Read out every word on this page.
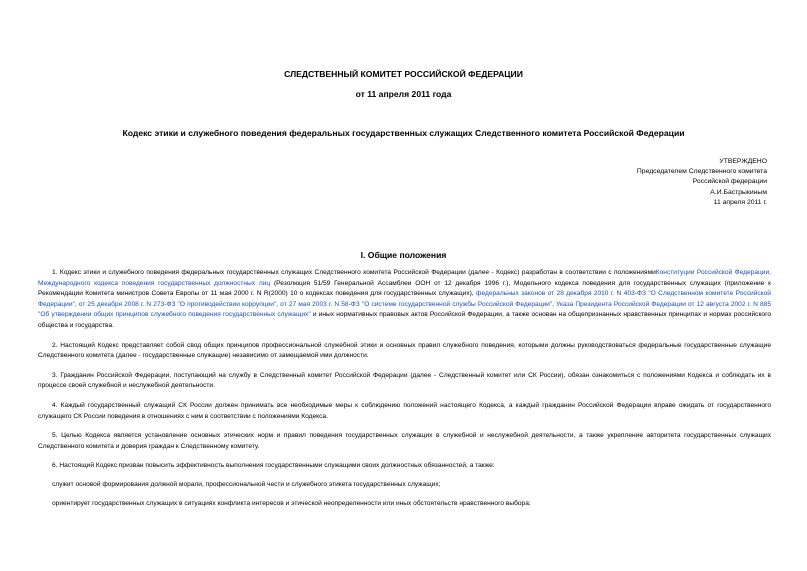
СЛЕДСТВЕННЫЙ КОМИТЕТ РОССИЙСКОЙ ФЕДЕРАЦИИ
от 11 апреля 2011 года
Кодекс этики и служебного поведения федеральных государственных служащих Следственного комитета Российской Федерации
УТВЕРЖДЕНО
Председателем Следственного комитета
Российской федерации
А.И.Бастрыкиным
11 апреля 2011 г.
I. Общие положения

1. Кодекс этики и служебного поведения федеральных государственных служащих Следственного комитета Российской Федерации (далее - Кодекс) разработан в соответствии с положениямиКонституции Российской Федерации, Международного кодекса поведения государственных должностных лиц (Резолюция 51/59 Генеральной Ассамблеи ООН от 12 декабря 1996 г.), Модельного кодекса поведения для государственных служащих (приложение к Рекомендации Комитета министров Совета Европы от 11 мая 2000 г. N R(2000) 10 о кодексах поведения для государственных служащих), федеральных законов от 28 декабря 2010 г. N 403-ФЗ "О Следственном комитете Российской Федерации", от 25 декабря 2008 г. N 273-ФЗ "О противодействии коррупции", от 27 мая 2003 г. N 58-ФЗ "О системе государственной службы Российской Федерации", Указа Президента Российской Федерации от 12 августа 2002 г. N 885 "Об утверждении общих принципов служебного поведения государственных служащих" и иных нормативных правовых актов Российской Федерации, а также основан на общепризнанных нравственных принципах и нормах российского общества и государства.

2. Настоящий Кодекс представляет собой свод общих принципов профессиональной служебной этики и основных правил служебного поведения, которыми должны руководствоваться федеральные государственные служащие Следственного комитета (далее - государственные служащие) независимо от замещаемой ими должности.

3. Гражданин Российской Федерации, поступающий на службу в Следственный комитет Российской Федерации (далее - Следственный комитет или СК России), обязан ознакомиться с положениями Кодекса и соблюдать их в процессе своей служебной и неслужебной деятельности.

4. Каждый государственный служащий СК России должен принимать все необходимые меры к соблюдению положений настоящего Кодекса, а каждый гражданин Российской Федерации вправе ожидать от государственного служащего СК России поведения в отношениях с ним в соответствии с положениями Кодекса.

5. Целью Кодекса является установление основных этических норм и правил поведения государственных служащих в служебной и неслужебной деятельности, а также укрепление авторитета государственных служащих Следственного комитета и доверия граждан к Следственному комитету.

6. Настоящий Кодекс призван повысить эффективность выполнения государственными служащими своих должностных обязанностей, а также:

служит основой формирования должной морали, профессиональной чести и служебного этикета государственных служащих;

ориентирует государственных служащих в ситуациях конфликта интересов и этической неопределенности или иных обстоятельств нравственного выбора;
